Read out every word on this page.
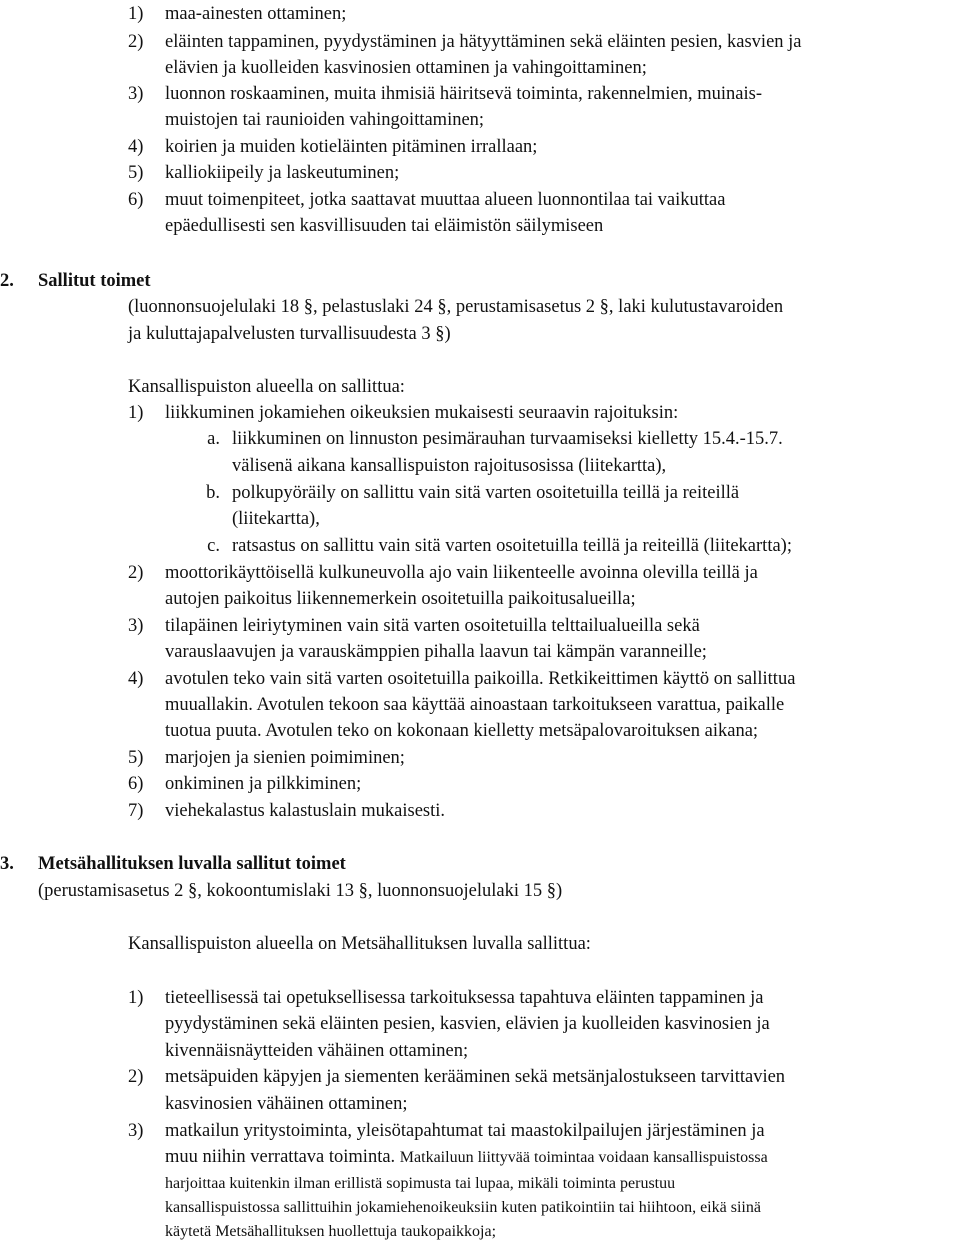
1) maa-ainesten ottaminen;
2) eläinten tappaminen, pyydystäminen ja hätyyttäminen sekä eläinten pesien, kasvien ja
elävien ja kuolleiden kasvinosien ottaminen ja vahingoittaminen;
3) luonnon roskaaminen, muita ihmisiä häiritsevä toiminta, rakennelmien, muinais-
muistojen tai raunioiden vahingoittaminen;
4) koirien ja muiden kotieläinten pitäminen irrallaan;
5) kalliokiipeily ja laskeutuminen;
6) muut toimenpiteet, jotka saattavat muuttaa alueen luonnontilaa tai vaikuttaa
epäedullisesti sen kasvillisuuden tai eläimistön säilymiseen
2. Sallitut toimet
(luonnonsuojelulaki 18 §, pelastuslaki 24 §, perustamisasetus 2 §, laki kulutustavaroiden
ja kuluttajapalvelusten turvallisuudesta 3 §)
Kansallispuiston alueella on sallittua:
1) liikkuminen jokamiehen oikeuksien mukaisesti seuraavin rajoituksin:
a. liikkuminen on linnuston pesimärauhan turvaamiseksi kielletty 15.4.-15.7.
välisenä aikana kansallispuiston rajoitusosissa (liitekartta),
b. polkupyöräily on sallittu vain sitä varten osoitetuilla teillä ja reiteillä
(liitekartta),
c. ratsastus on sallittu vain sitä varten osoitetuilla teillä ja reiteillä (liitekartta);
2) moottorikäyttöisellä kulkuneuvolla ajo vain liikenteelle avoinna olevilla teillä ja
autojen paikoitus liikennemerkein osoitetuilla paikoitusalueilla;
3) tilapäinen leiriytyminen vain sitä varten osoitetuilla telttailualueilla sekä
varauslaavujen ja varauskämppien pihalla laavun tai kämpän varanneille;
4) avotulen teko vain sitä varten osoitetuilla paikoilla. Retkikeittimen käyttö on sallittua
muuallakin. Avotulen tekoon saa käyttää ainoastaan tarkoitukseen varattua, paikalle
tuotua puuta. Avotulen teko on kokonaan kielletty metsäpalovaroituksen aikana;
5) marjojen ja sienien poimiminen;
6) onkiminen ja pilkkiminen;
7) viehekalastus kalastuslain mukaisesti.
3. Metsähallituksen luvalla sallitut toimet
(perustamisasetus 2 §, kokoontumislaki 13 §, luonnonsuojelulaki 15 §)
Kansallispuiston alueella on Metsähallituksen luvalla sallittua:
1) tieteellisessä tai opetuksellisessa tarkoituksessa tapahtuva eläinten tappaminen ja
pyydystäminen sekä eläinten pesien, kasvien, elävien ja kuolleiden kasvinosien ja
kivennäisnäytteiden vähäinen ottaminen;
2) metsäpuiden käpyjen ja siementen kerääminen sekä metsänjalostukseen tarvittavien
kasvinosien vähäinen ottaminen;
3) matkailun yritystoiminta, yleisötapahtumat tai maastokilpailujen järjestäminen ja
muu niihin verrattava toiminta. Matkailuun liittyvää toimintaa voidaan kansallispuistossa
harjoittaa kuitenkin ilman erillistä sopimusta tai lupaa, mikäli toiminta perustuu
kansallispuistossa sallittuihin jokamiehenoikeuksiin kuten patikointiin tai hiihtoon, eikä siinä
käytetä Metsähallituksen huollettuja taukopaikkoja;
